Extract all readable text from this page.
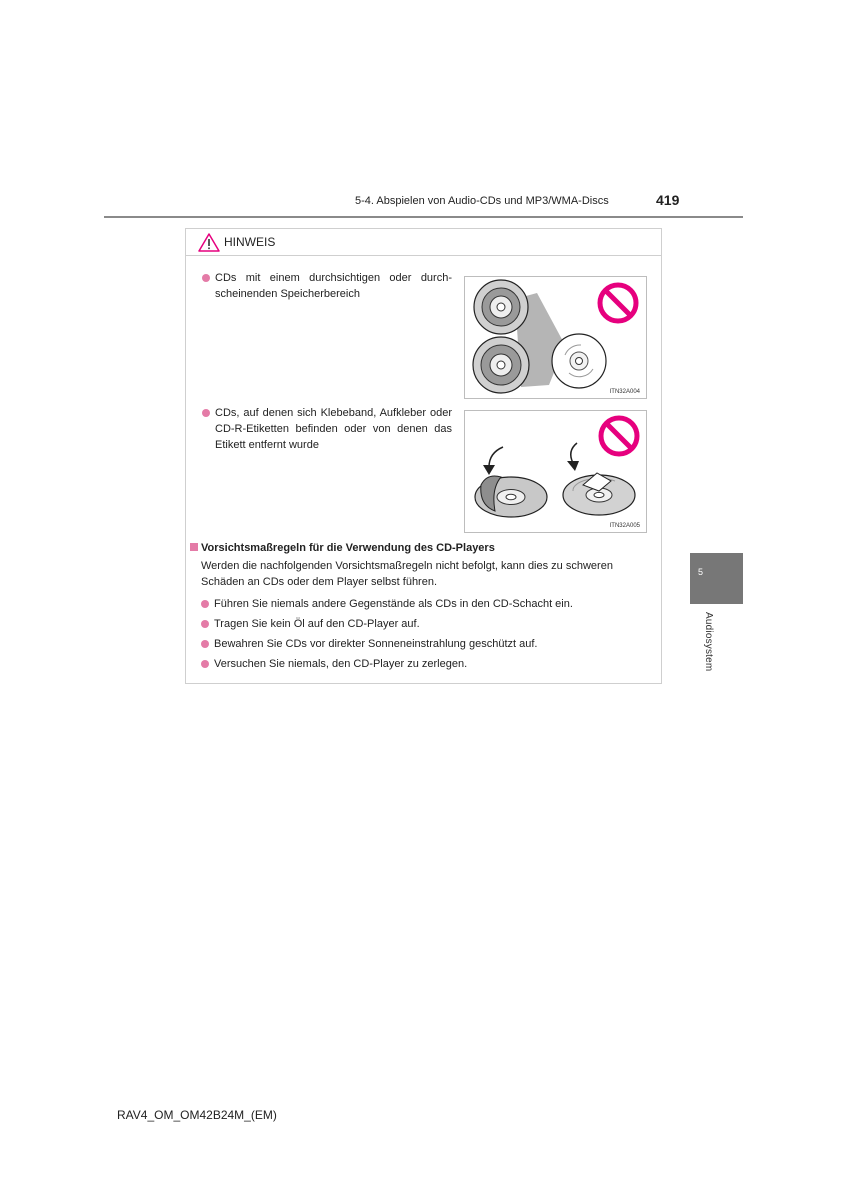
5-4. Abspielen von Audio-CDs und MP3/WMA-Discs	419
HINWEIS
CDs mit einem durchsichtigen oder durch-scheinenden Speicherbereich
ITN32A004
CDs, auf denen sich Klebeband, Aufkleber oder CD-R-Etiketten befinden oder von denen das Etikett entfernt wurde
ITN32A005
Vorsichtsmaßregeln für die Verwendung des CD-Players
Werden die nachfolgenden Vorsichtsmaßregeln nicht befolgt, kann dies zu schweren Schäden an CDs oder dem Player selbst führen.
Führen Sie niemals andere Gegenstände als CDs in den CD-Schacht ein.
Tragen Sie kein Öl auf den CD-Player auf.
Bewahren Sie CDs vor direkter Sonneneinstrahlung geschützt auf.
Versuchen Sie niemals, den CD-Player zu zerlegen.
5
Audiosystem
RAV4_OM_OM42B24M_(EM)
